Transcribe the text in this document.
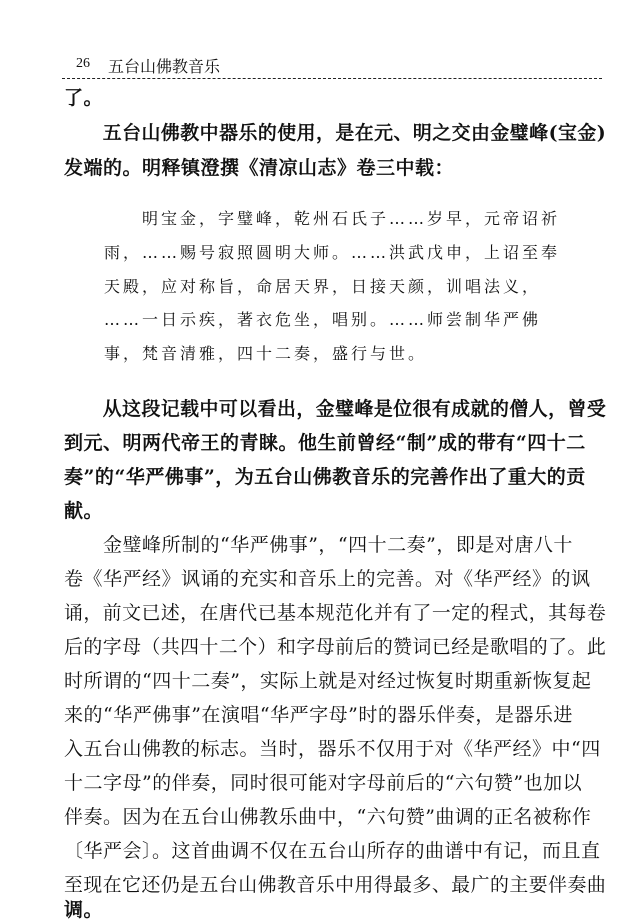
26 五台山佛教音乐
了。
　　五台山佛教中器乐的使用，是在元、明之交由金璧峰(宝金)
发端的。明释镇澄撰《清凉山志》卷三中载：
　　明宝金，字璧峰，乾州石氏子……岁早，元帝诏祈
雨，……赐号寂照圆明大师。……洪武戊申，上诏至奉
天殿，应对称旨，命居天界，日接天颜，训唱法义，
……一日示疾，著衣危坐，唱别。……师尝制华严佛
事，梵音清雅，四十二奏，盛行与世。
　　从这段记载中可以看出，金璧峰是位很有成就的僧人，曾受
到元、明两代帝王的青睐。他生前曾经“制”成的带有“四十二
奏”的“华严佛事”，为五台山佛教音乐的完善作出了重大的贡
献。
　　金璧峰所制的“华严佛事”，“四十二奏”，即是对唐八十
卷《华严经》讽诵的充实和音乐上的完善。对《华严经》的讽
诵，前文已述，在唐代已基本规范化并有了一定的程式，其每卷
后的字母（共四十二个）和字母前后的赞词已经是歌唱的了。此
时所谓的“四十二奏”，实际上就是对经过恢复时期重新恢复起
来的“华严佛事”在演唱“华严字母”时的器乐伴奏，是器乐进
入五台山佛教的标志。当时，器乐不仅用于对《华严经》中“四
十二字母”的伴奏，同时很可能对字母前后的“六句赞”也加以
伴奏。因为在五台山佛教乐曲中，“六句赞”曲调的正名被称作
〔华严会〕。这首曲调不仅在五台山所存的曲谱中有记，而且直
至现在它还仍是五台山佛教音乐中用得最多、最广的主要伴奏曲
调。
